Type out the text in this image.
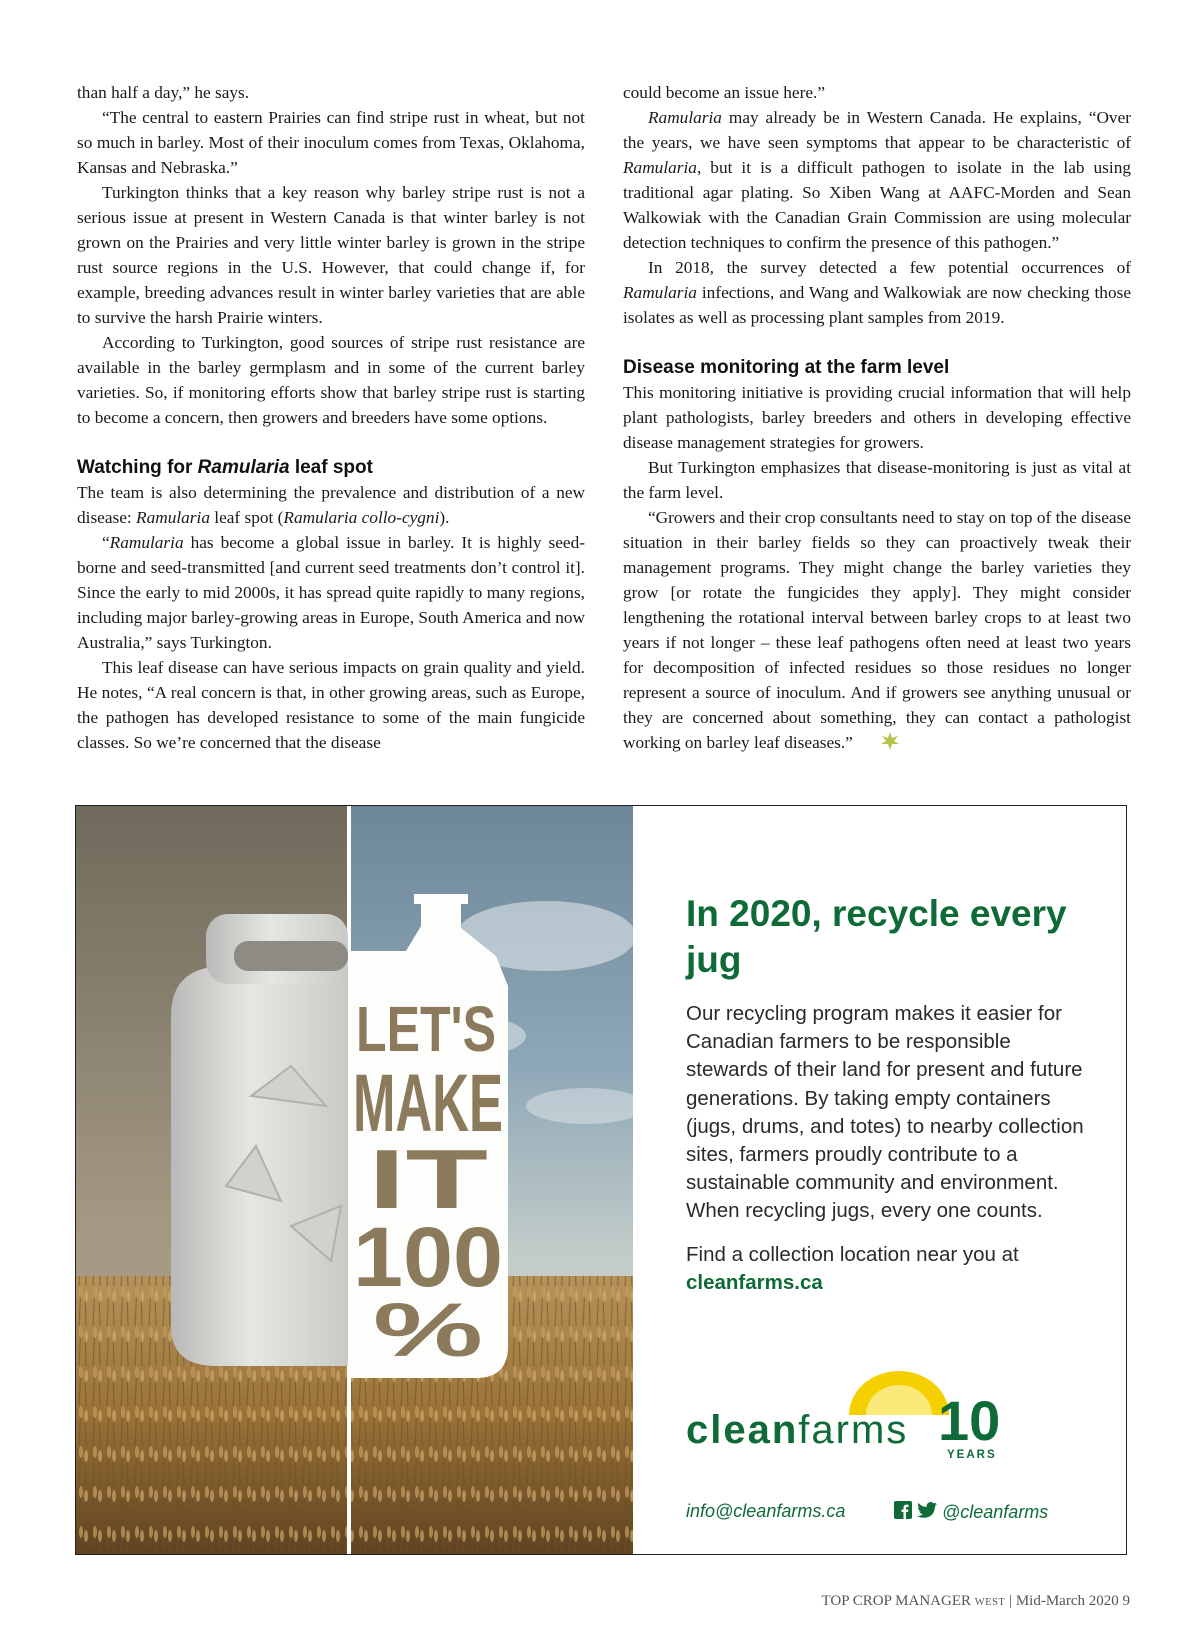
than half a day,” he says.

“The central to eastern Prairies can find stripe rust in wheat, but not so much in barley. Most of their inoculum comes from Texas, Oklahoma, Kansas and Nebraska.”

Turkington thinks that a key reason why barley stripe rust is not a serious issue at present in Western Canada is that winter barley is not grown on the Prairies and very little winter barley is grown in the stripe rust source regions in the U.S. However, that could change if, for example, breeding advances result in winter barley varieties that are able to survive the harsh Prairie winters.

According to Turkington, good sources of stripe rust resistance are available in the barley germplasm and in some of the current barley varieties. So, if monitoring efforts show that barley stripe rust is starting to become a concern, then growers and breeders have some options.

Watching for Ramularia leaf spot

The team is also determining the prevalence and distribution of a new disease: Ramularia leaf spot (Ramularia collo-cygni).

“Ramularia has become a global issue in barley. It is highly seed-borne and seed-transmitted [and current seed treatments don’t control it]. Since the early to mid 2000s, it has spread quite rapidly to many regions, including major barley-growing areas in Europe, South America and now Australia,” says Turkington.

This leaf disease can have serious impacts on grain quality and yield. He notes, “A real concern is that, in other growing areas, such as Europe, the pathogen has developed resistance to some of the main fungicide classes. So we’re concerned that the disease

could become an issue here.”

Ramularia may already be in Western Canada. He explains, “Over the years, we have seen symptoms that appear to be characteristic of Ramularia, but it is a difficult pathogen to isolate in the lab using traditional agar plating. So Xiben Wang at AAFC-Morden and Sean Walkowiak with the Canadian Grain Commission are using molecular detection techniques to confirm the presence of this pathogen.”

In 2018, the survey detected a few potential occurrences of Ramularia infections, and Wang and Walkowiak are now checking those isolates as well as processing plant samples from 2019.

Disease monitoring at the farm level

This monitoring initiative is providing crucial information that will help plant pathologists, barley breeders and others in developing effective disease management strategies for growers.

But Turkington emphasizes that disease-monitoring is just as vital at the farm level.

“Growers and their crop consultants need to stay on top of the disease situation in their barley fields so they can proactively tweak their management programs. They might change the barley varieties they grow [or rotate the fungicides they apply]. They might consider lengthening the rotational interval between barley crops to at least two years if not longer – these leaf pathogens often need at least two years for decomposition of infected residues so those residues no longer represent a source of inoculum. And if growers see anything unusual or they are concerned about something, they can contact a pathologist working on barley leaf diseases.”

LET'S
MAKE
IT
100
%

In 2020, recycle every jug

Our recycling program makes it easier for Canadian farmers to be responsible stewards of their land for present and future generations. By taking empty containers (jugs, drums, and totes) to nearby collection sites, farmers proudly contribute to a sustainable community and environment. When recycling jugs, every one counts.
Find a collection location near you at
cleanfarms.ca
cleanfarms 10
YEARS
info@cleanfarms.ca	@cleanfarms
TOP CROP MANAGER WEST | Mid-March 2020 9
